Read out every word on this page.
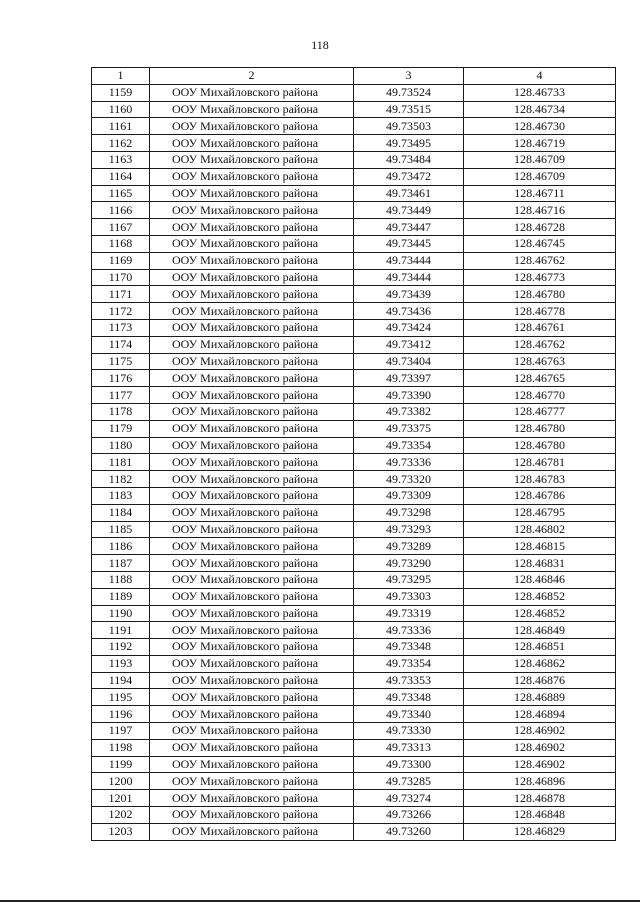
118
1	2	3	4
1159	ООУ Михайловского района	49.73524	128.46733
1160	ООУ Михайловского района	49.73515	128.46734
1161	ООУ Михайловского района	49.73503	128.46730
1162	ООУ Михайловского района	49.73495	128.46719
1163	ООУ Михайловского района	49.73484	128.46709
1164	ООУ Михайловского района	49.73472	128.46709
1165	ООУ Михайловского района	49.73461	128.46711
1166	ООУ Михайловского района	49.73449	128.46716
1167	ООУ Михайловского района	49.73447	128.46728
1168	ООУ Михайловского района	49.73445	128.46745
1169	ООУ Михайловского района	49.73444	128.46762
1170	ООУ Михайловского района	49.73444	128.46773
1171	ООУ Михайловского района	49.73439	128.46780
1172	ООУ Михайловского района	49.73436	128.46778
1173	ООУ Михайловского района	49.73424	128.46761
1174	ООУ Михайловского района	49.73412	128.46762
1175	ООУ Михайловского района	49.73404	128.46763
1176	ООУ Михайловского района	49.73397	128.46765
1177	ООУ Михайловского района	49.73390	128.46770
1178	ООУ Михайловского района	49.73382	128.46777
1179	ООУ Михайловского района	49.73375	128.46780
1180	ООУ Михайловского района	49.73354	128.46780
1181	ООУ Михайловского района	49.73336	128.46781
1182	ООУ Михайловского района	49.73320	128.46783
1183	ООУ Михайловского района	49.73309	128.46786
1184	ООУ Михайловского района	49.73298	128.46795
1185	ООУ Михайловского района	49.73293	128.46802
1186	ООУ Михайловского района	49.73289	128.46815
1187	ООУ Михайловского района	49.73290	128.46831
1188	ООУ Михайловского района	49.73295	128.46846
1189	ООУ Михайловского района	49.73303	128.46852
1190	ООУ Михайловского района	49.73319	128.46852
1191	ООУ Михайловского района	49.73336	128.46849
1192	ООУ Михайловского района	49.73348	128.46851
1193	ООУ Михайловского района	49.73354	128.46862
1194	ООУ Михайловского района	49.73353	128.46876
1195	ООУ Михайловского района	49.73348	128.46889
1196	ООУ Михайловского района	49.73340	128.46894
1197	ООУ Михайловского района	49.73330	128.46902
1198	ООУ Михайловского района	49.73313	128.46902
1199	ООУ Михайловского района	49.73300	128.46902
1200	ООУ Михайловского района	49.73285	128.46896
1201	ООУ Михайловского района	49.73274	128.46878
1202	ООУ Михайловского района	49.73266	128.46848
1203	ООУ Михайловского района	49.73260	128.46829
